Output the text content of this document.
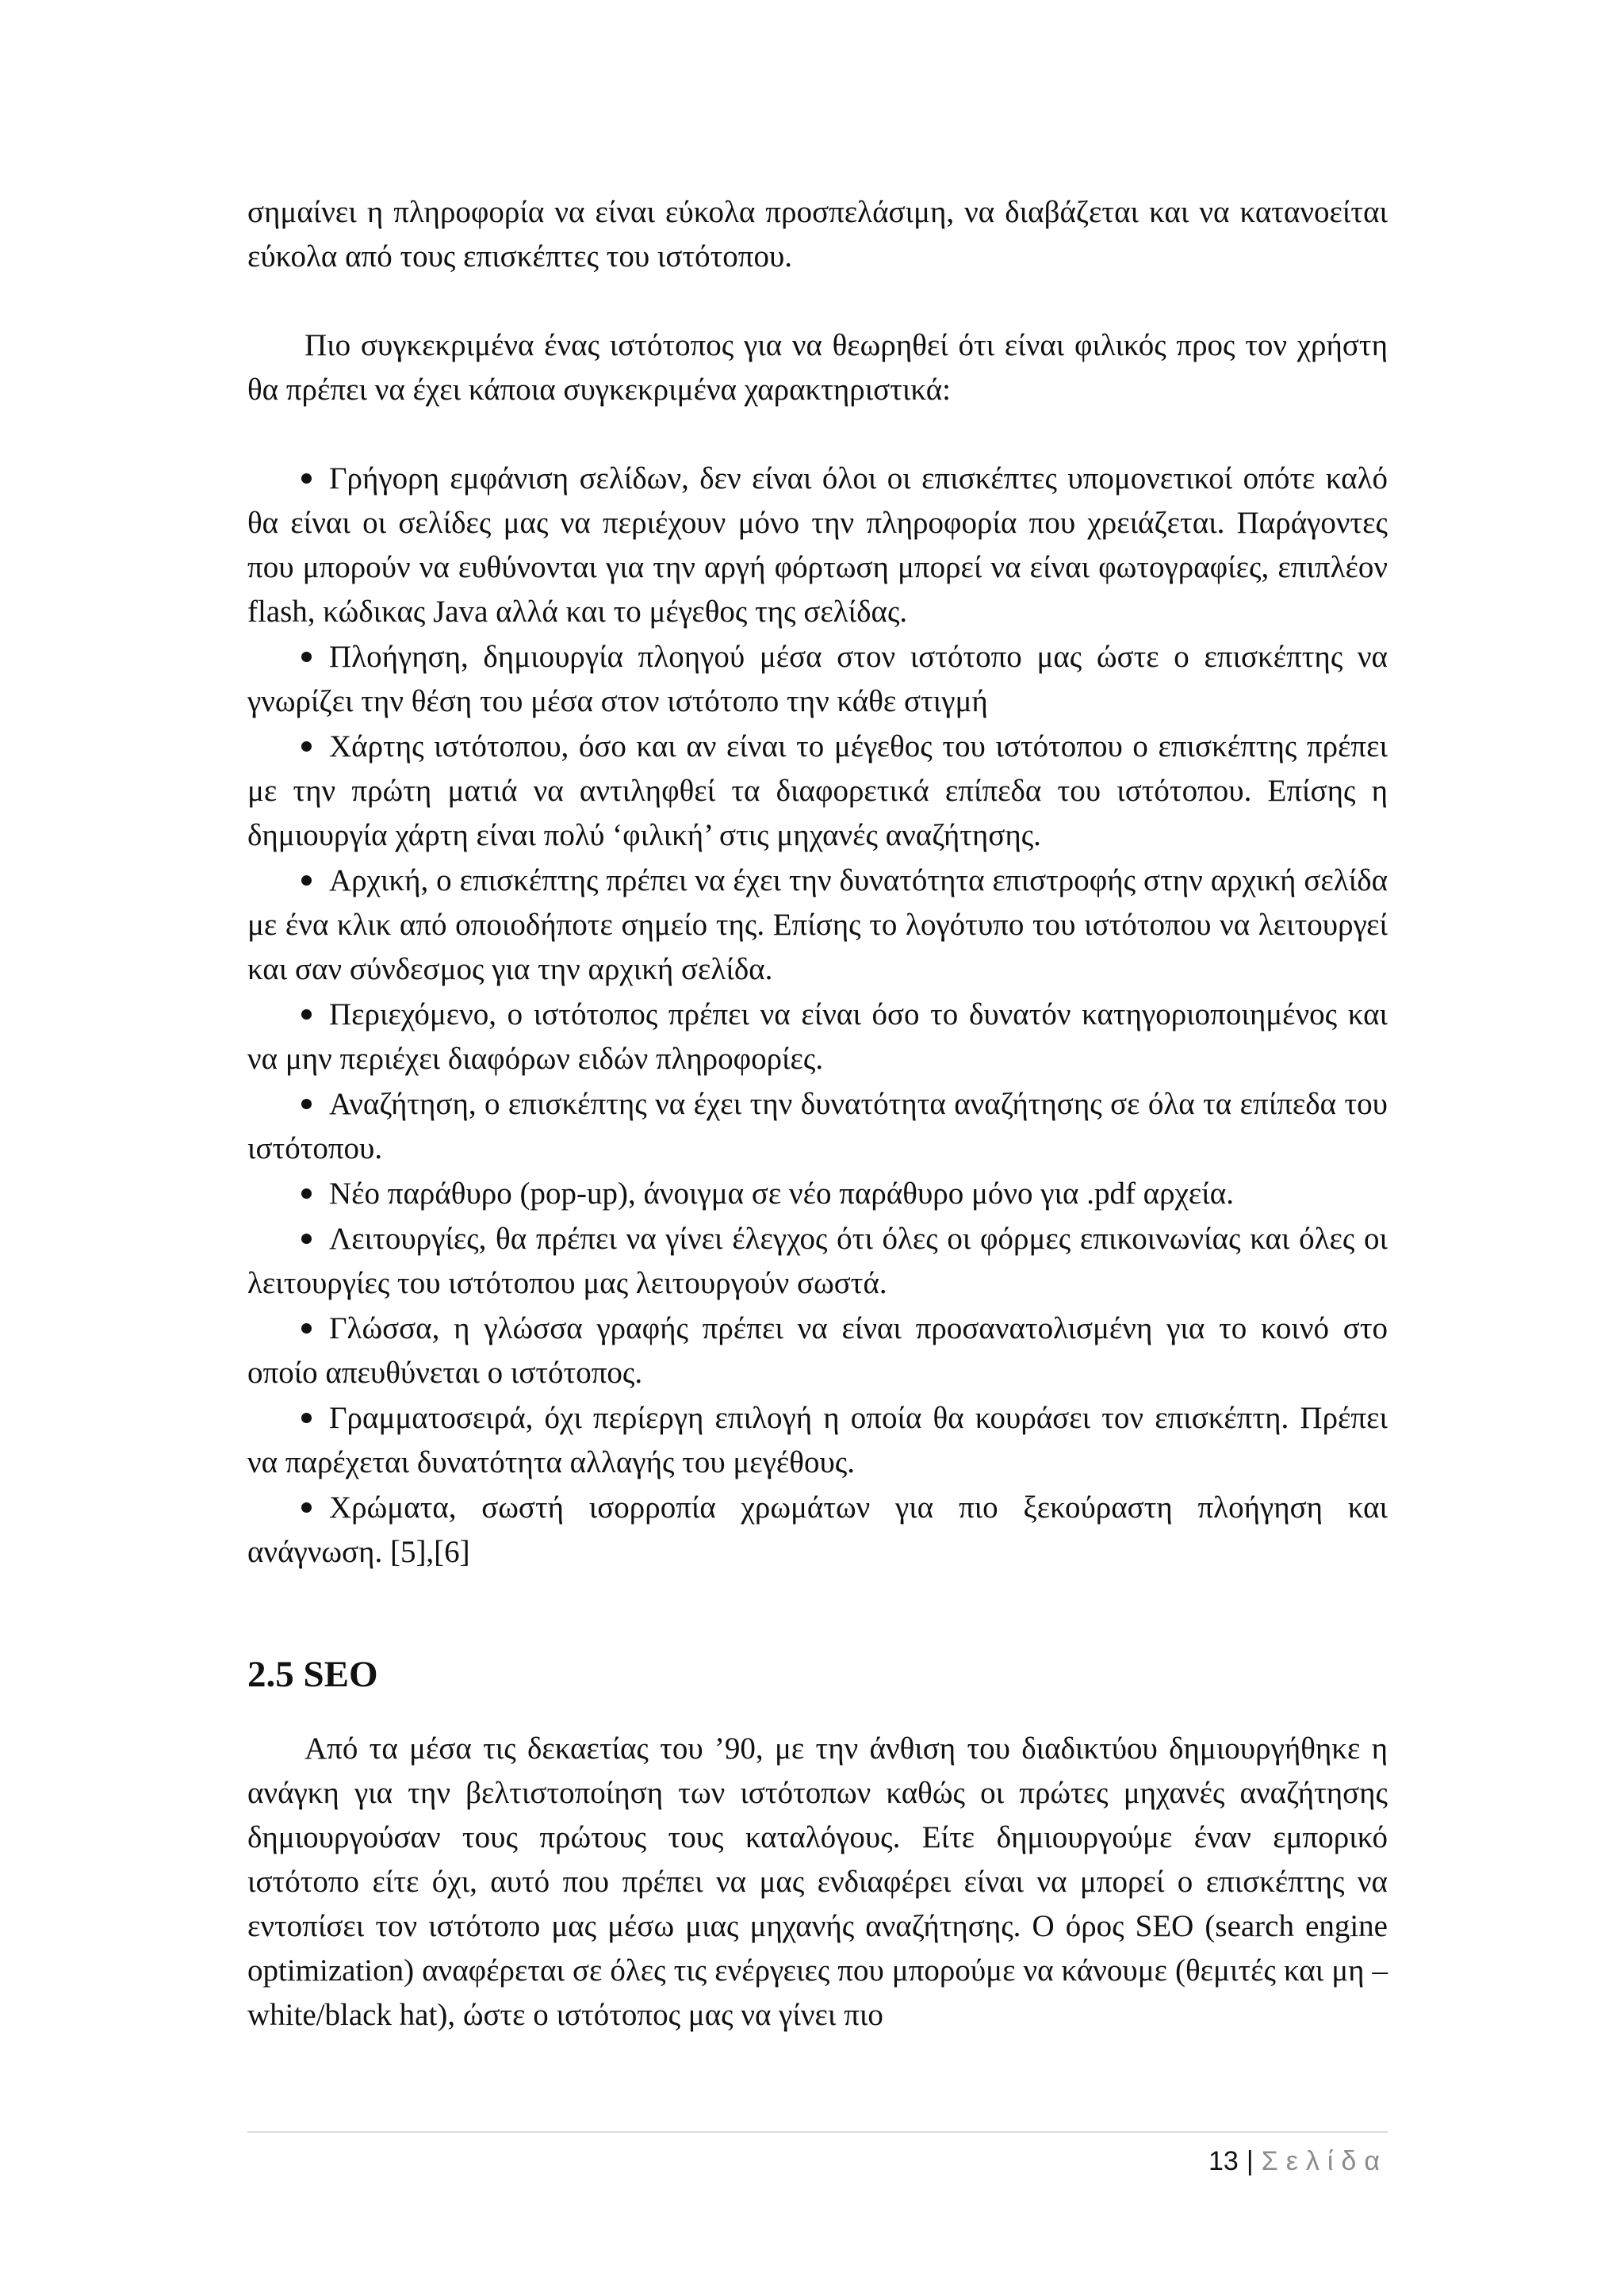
σημαίνει η πληροφορία να είναι εύκολα προσπελάσιμη, να διαβάζεται και να κατανοείται εύκολα από τους επισκέπτες του ιστότοπου.

Πιο συγκεκριμένα ένας ιστότοπος για να θεωρηθεί ότι είναι φιλικός προς τον χρήστη θα πρέπει να έχει κάποια συγκεκριμένα χαρακτηριστικά:

Γρήγορη εμφάνιση σελίδων, δεν είναι όλοι οι επισκέπτες υπομονετικοί οπότε καλό θα είναι οι σελίδες μας να περιέχουν μόνο την πληροφορία που χρειάζεται. Παράγοντες που μπορούν να ευθύνονται για την αργή φόρτωση μπορεί να είναι φωτογραφίες, επιπλέον flash, κώδικας Java αλλά και το μέγεθος της σελίδας.
Πλοήγηση, δημιουργία πλοηγού μέσα στον ιστότοπο μας ώστε ο επισκέπτης να γνωρίζει την θέση του μέσα στον ιστότοπο την κάθε στιγμή
Χάρτης ιστότοπου, όσο και αν είναι το μέγεθος του ιστότοπου ο επισκέπτης πρέπει με την πρώτη ματιά να αντιληφθεί τα διαφορετικά επίπεδα του ιστότοπου. Επίσης η δημιουργία χάρτη είναι πολύ ‘φιλική’ στις μηχανές αναζήτησης.
Αρχική, ο επισκέπτης πρέπει να έχει την δυνατότητα επιστροφής στην αρχική σελίδα με ένα κλικ από οποιοδήποτε σημείο της. Επίσης το λογότυπο του ιστότοπου να λειτουργεί και σαν σύνδεσμος για την αρχική σελίδα.
Περιεχόμενο, ο ιστότοπος πρέπει να είναι όσο το δυνατόν κατηγοριοποιημένος και να μην περιέχει διαφόρων ειδών πληροφορίες.
Αναζήτηση, ο επισκέπτης να έχει την δυνατότητα αναζήτησης σε όλα τα επίπεδα του ιστότοπου.
Νέο παράθυρο (pop-up), άνοιγμα σε νέο παράθυρο μόνο για .pdf αρχεία.
Λειτουργίες, θα πρέπει να γίνει έλεγχος ότι όλες οι φόρμες επικοινωνίας και όλες οι λειτουργίες του ιστότοπου μας λειτουργούν σωστά.
Γλώσσα, η γλώσσα γραφής πρέπει να είναι προσανατολισμένη για το κοινό στο οποίο απευθύνεται ο ιστότοπος.
Γραμματοσειρά, όχι περίεργη επιλογή η οποία θα κουράσει τον επισκέπτη. Πρέπει να παρέχεται δυνατότητα αλλαγής του μεγέθους.
Χρώματα, σωστή ισορροπία χρωμάτων για πιο ξεκούραστη πλοήγηση και ανάγνωση. [5],[6]
2.5 SEO

Από τα μέσα τις δεκαετίας του ’90, με την άνθιση του διαδικτύου δημιουργήθηκε η ανάγκη για την βελτιστοποίηση των ιστότοπων καθώς οι πρώτες μηχανές αναζήτησης δημιουργούσαν τους πρώτους τους καταλόγους. Είτε δημιουργούμε έναν εμπορικό ιστότοπο είτε όχι, αυτό που πρέπει να μας ενδιαφέρει είναι να μπορεί ο επισκέπτης να εντοπίσει τον ιστότοπο μας μέσω μιας μηχανής αναζήτησης. Ο όρος SEO (search engine optimization) αναφέρεται σε όλες τις ενέργειες που μπορούμε να κάνουμε (θεμιτές και μη – white/black hat), ώστε ο ιστότοπος μας να γίνει πιο

13 | Σελίδα
